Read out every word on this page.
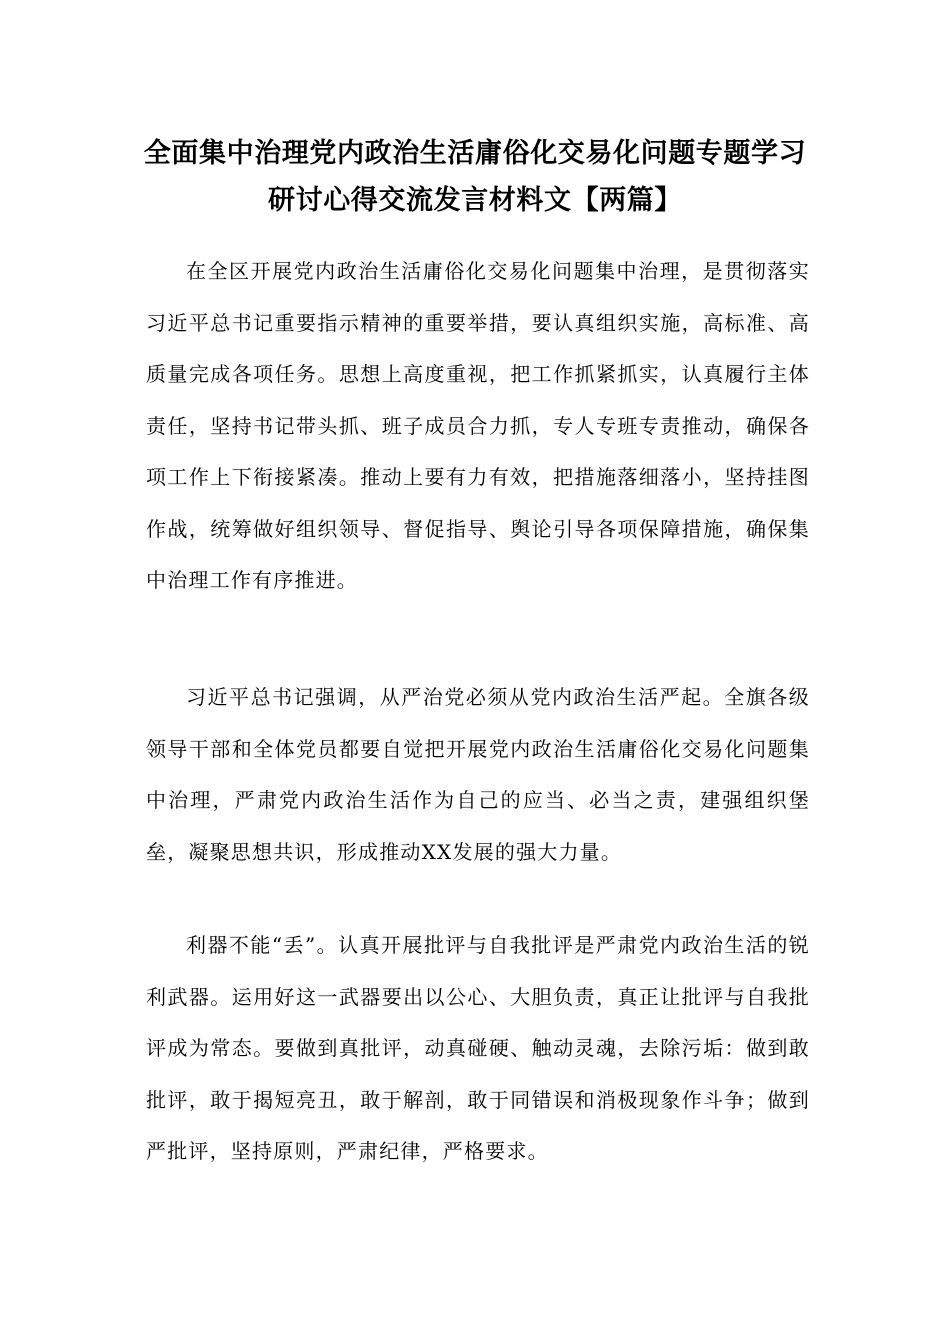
全面集中治理党内政治生活庸俗化交易化问题专题学习研讨心得交流发言材料文【两篇】

在全区开展党内政治生活庸俗化交易化问题集中治理，是贯彻落实习近平总书记重要指示精神的重要举措，要认真组织实施，高标准、高质量完成各项任务。思想上高度重视，把工作抓紧抓实，认真履行主体责任，坚持书记带头抓、班子成员合力抓，专人专班专责推动，确保各项工作上下衔接紧凑。推动上要有力有效，把措施落细落小，坚持挂图作战，统筹做好组织领导、督促指导、舆论引导各项保障措施，确保集中治理工作有序推进。

习近平总书记强调，从严治党必须从党内政治生活严起。全旗各级领导干部和全体党员都要自觉把开展党内政治生活庸俗化交易化问题集中治理，严肃党内政治生活作为自己的应当、必当之责，建强组织堡垒，凝聚思想共识，形成推动XX发展的强大力量。

利器不能“丢”。认真开展批评与自我批评是严肃党内政治生活的锐利武器。运用好这一武器要出以公心、大胆负责，真正让批评与自我批评成为常态。要做到真批评，动真碰硬、触动灵魂，去除污垢：做到敢批评，敢于揭短亮丑，敢于解剖，敢于同错误和消极现象作斗争；做到严批评，坚持原则，严肃纪律，严格要求。
